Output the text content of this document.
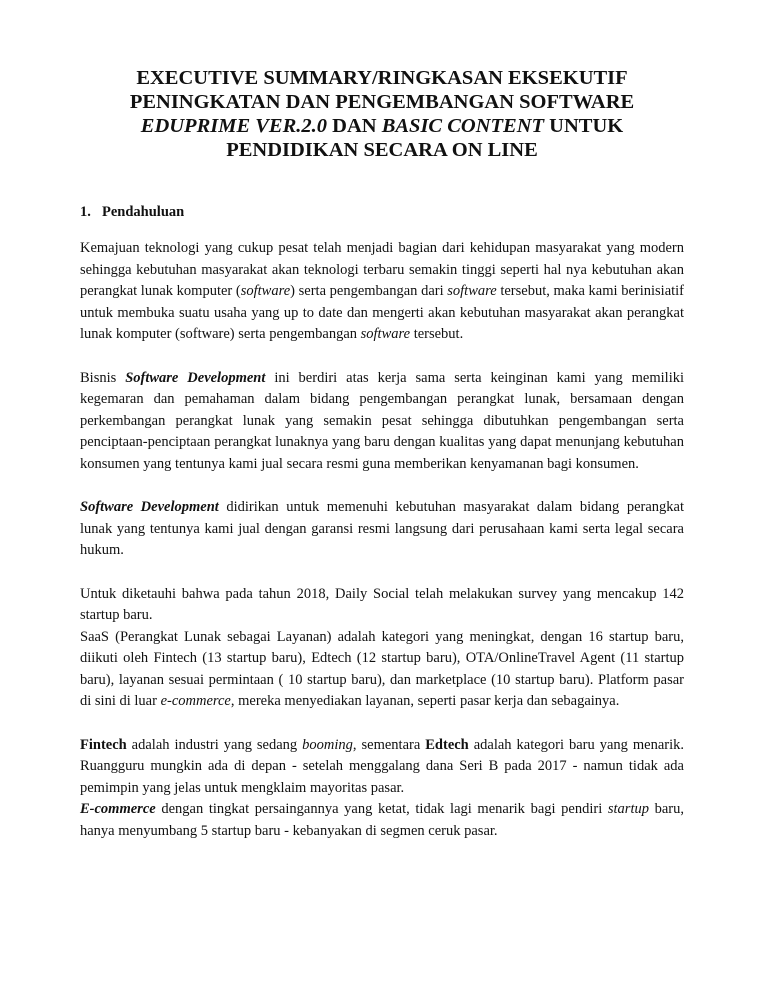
EXECUTIVE SUMMARY/RINGKASAN EKSEKUTIF
PENINGKATAN DAN PENGEMBANGAN SOFTWARE
EDUPRIME VER.2.0 DAN BASIC CONTENT UNTUK
PENDIDIKAN SECARA ON LINE
1. Pendahuluan

Kemajuan teknologi yang cukup pesat telah menjadi bagian dari kehidupan masyarakat yang modern sehingga kebutuhan masyarakat akan teknologi terbaru semakin tinggi seperti hal nya kebutuhan akan perangkat lunak komputer (software) serta pengembangan dari software tersebut, maka kami berinisiatif untuk membuka suatu usaha yang up to date dan mengerti akan kebutuhan masyarakat akan perangkat lunak komputer (software) serta pengembangan software tersebut.

Bisnis Software Development ini berdiri atas kerja sama serta keinginan kami yang memiliki kegemaran dan pemahaman dalam bidang pengembangan perangkat lunak, bersamaan dengan perkembangan perangkat lunak yang semakin pesat sehingga dibutuhkan pengembangan serta penciptaan-penciptaan perangkat lunaknya yang baru dengan kualitas yang dapat menunjang kebutuhan konsumen yang tentunya kami jual secara resmi guna memberikan kenyamanan bagi konsumen.

Software Development didirikan untuk memenuhi kebutuhan masyarakat dalam bidang perangkat lunak yang tentunya kami jual dengan garansi resmi langsung dari perusahaan kami serta legal secara hukum.

Untuk diketauhi bahwa pada tahun 2018, Daily Social telah melakukan survey yang mencakup 142 startup baru.

SaaS (Perangkat Lunak sebagai Layanan) adalah kategori yang meningkat, dengan 16 startup baru, diikuti oleh Fintech (13 startup baru), Edtech (12 startup baru), OTA/OnlineTravel Agent (11 startup baru), layanan sesuai permintaan ( 10 startup baru), dan marketplace (10 startup baru). Platform pasar di sini di luar e-commerce, mereka menyediakan layanan, seperti pasar kerja dan sebagainya.

Fintech adalah industri yang sedang booming, sementara Edtech adalah kategori baru yang menarik. Ruangguru mungkin ada di depan - setelah menggalang dana Seri B pada 2017 - namun tidak ada pemimpin yang jelas untuk mengklaim mayoritas pasar.

E-commerce dengan tingkat persaingannya yang ketat, tidak lagi menarik bagi pendiri startup baru, hanya menyumbang 5 startup baru - kebanyakan di segmen ceruk pasar.
